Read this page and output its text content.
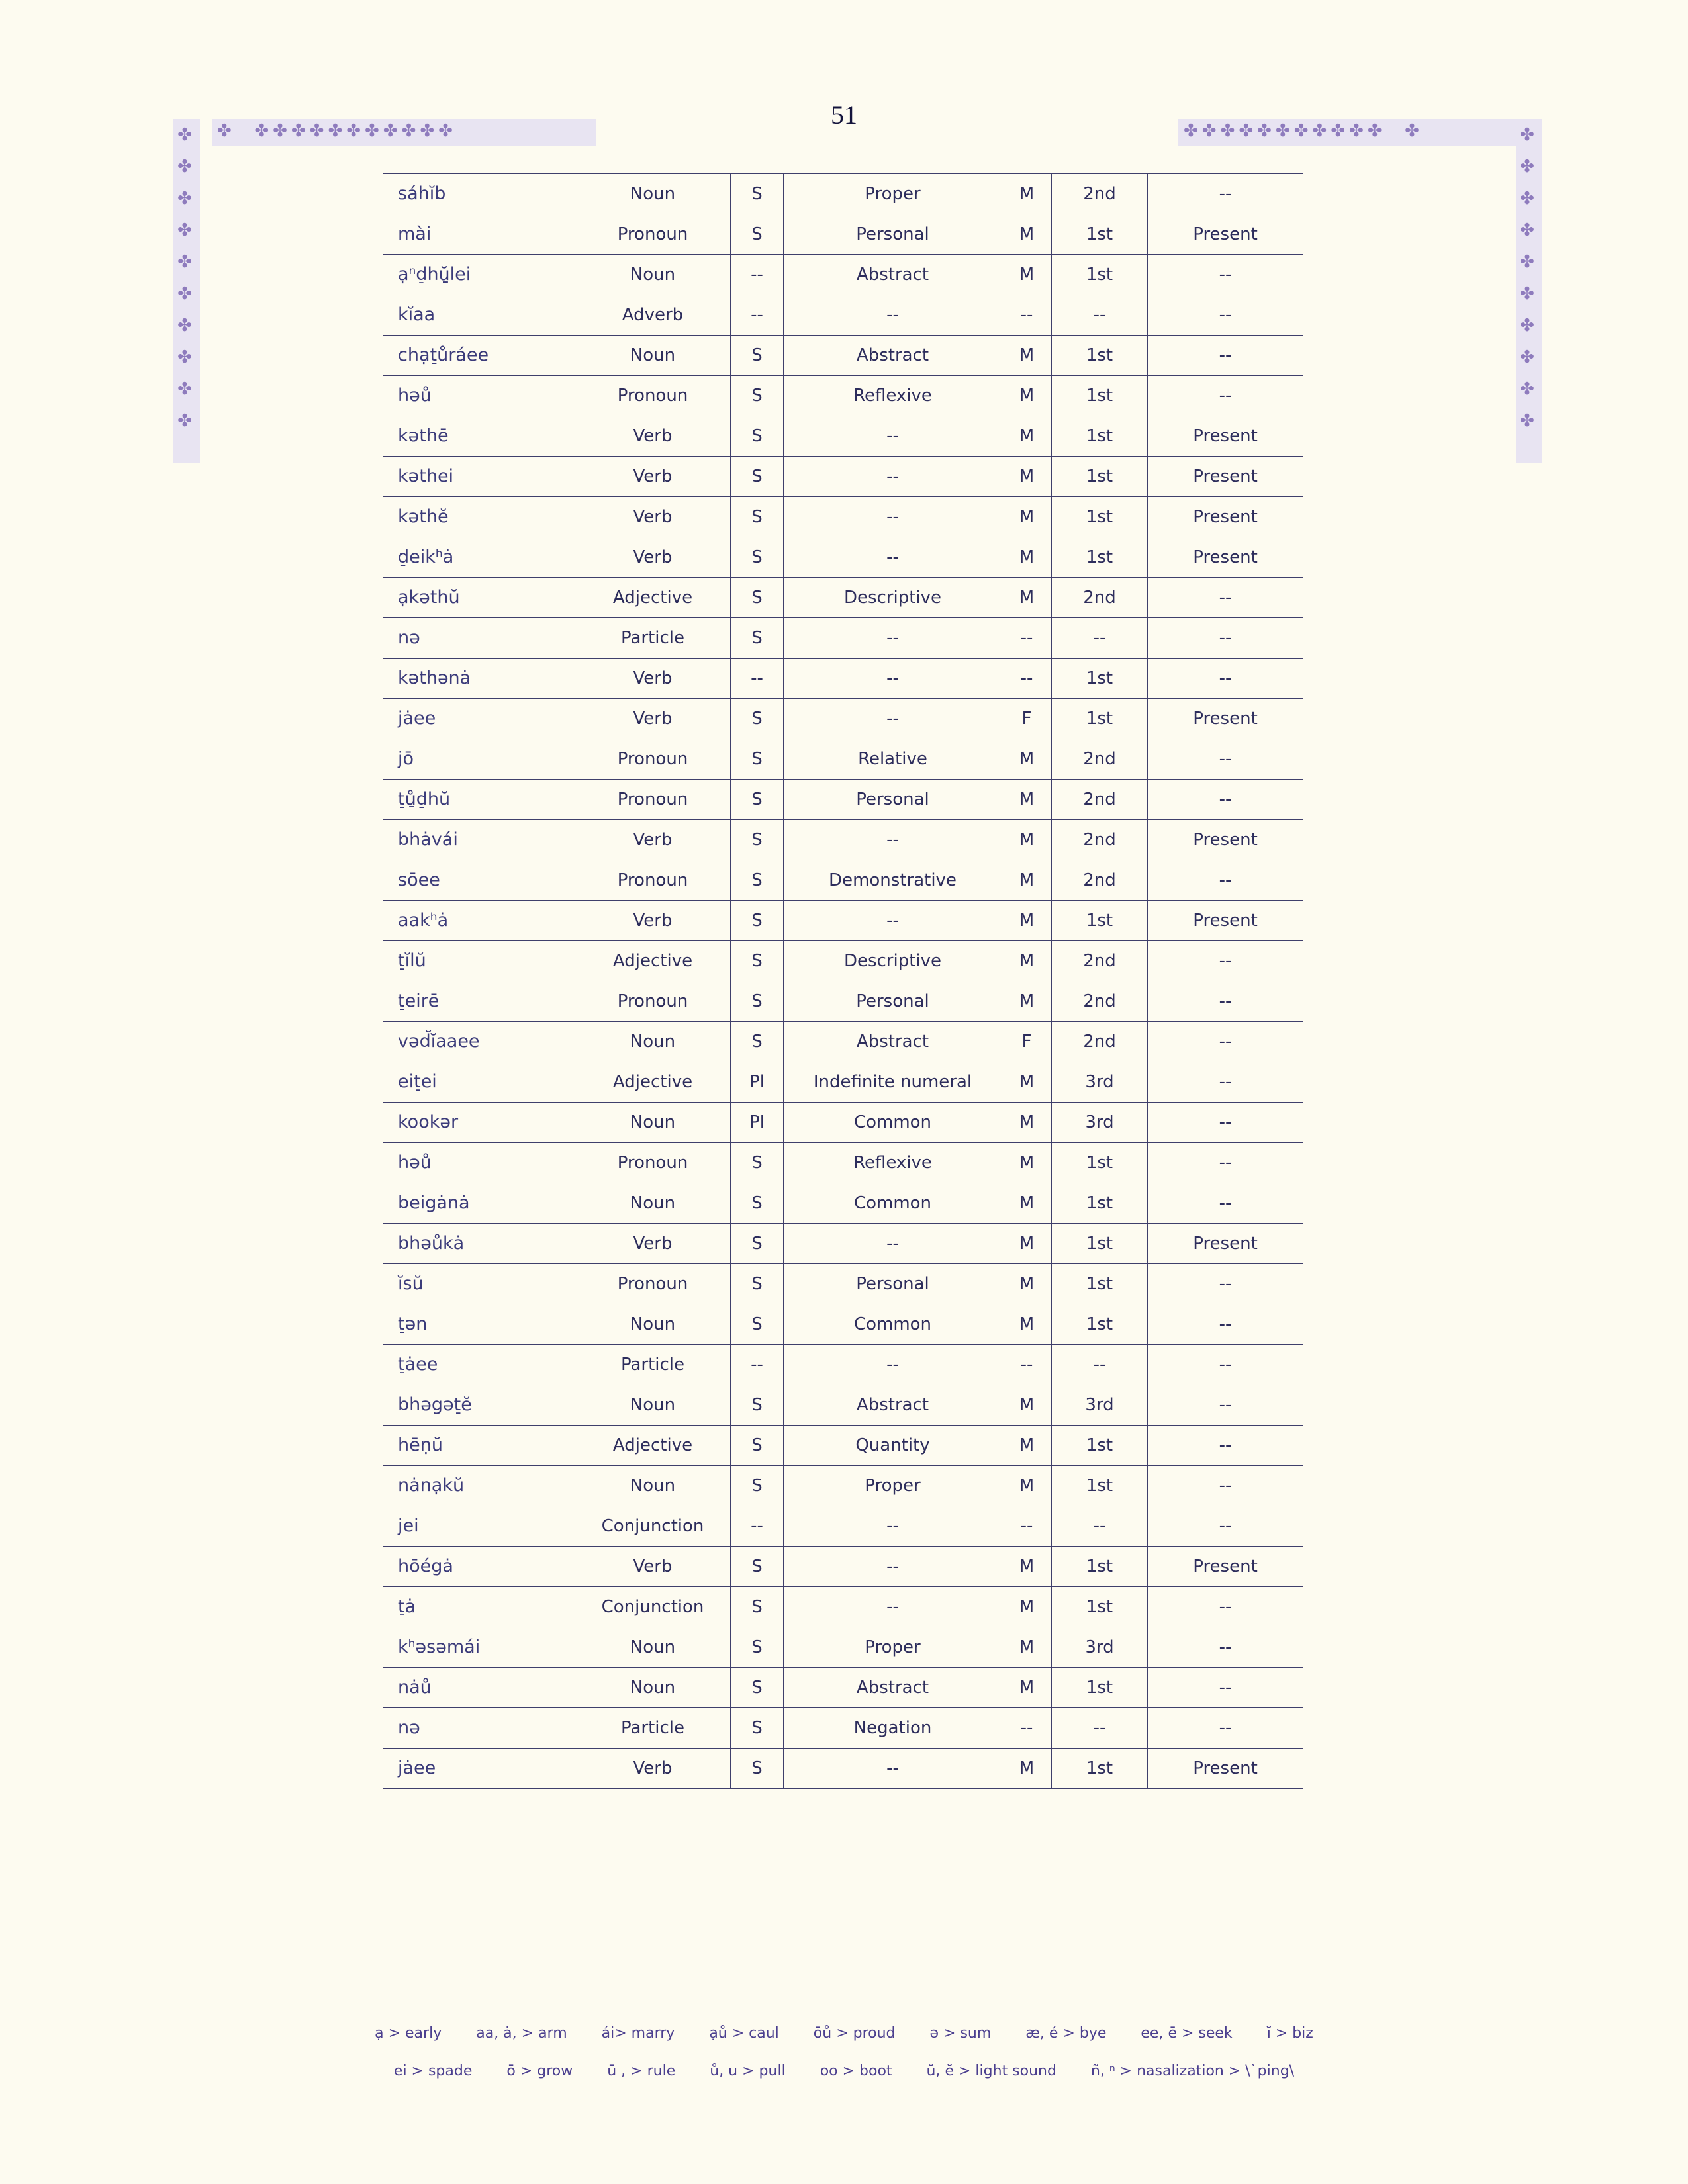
51
✤  ✤✤✤✤✤✤✤✤✤✤✤
✤
✤
✤
✤
✤
✤
✤
✤
✤
✤
✤✤✤✤✤✤✤✤✤✤✤  ✤	✤
✤
✤
✤
✤
✤
✤
✤
✤
✤
sáhĭb	Noun	S	Proper	M	2nd	--
mài	Pronoun	S	Personal	M	1st	Present
ạⁿd̠hŭ̱lei	Noun	--	Abstract	M	1st	--
kĭaa	Adverb	--	--	--	--	--
chạt̠ůráee	Noun	S	Abstract	M	1st	--
həů	Pronoun	S	Reflexive	M	1st	--
kəthē	Verb	S	--	M	1st	Present
kəthei	Verb	S	--	M	1st	Present
kəthĕ	Verb	S	--	M	1st	Present
d̠eikʰȧ	Verb	S	--	M	1st	Present
ạkəthŭ	Adjective	S	Descriptive	M	2nd	--
nə	Particle	S	--	--	--	--
kəthənȧ	Verb	--	--	--	1st	--
jȧee	Verb	S	--	F	1st	Present
jō	Pronoun	S	Relative	M	2nd	--
t̠ů̱d̠hŭ	Pronoun	S	Personal	M	2nd	--
bhȧvái	Verb	S	--	M	2nd	Present
sōee	Pronoun	S	Demonstrative	M	2nd	--
aakʰȧ	Verb	S	--	M	1st	Present
t̠ĭlŭ	Adjective	S	Descriptive	M	2nd	--
t̠eirē	Pronoun	S	Personal	M	2nd	--
vəd̆ĭaaee	Noun	S	Abstract	F	2nd	--
eit̠ei	Adjective	Pl	Indefinite numeral	M	3rd	--
kookər	Noun	Pl	Common	M	3rd	--
həů	Pronoun	S	Reflexive	M	1st	--
beigȧnȧ	Noun	S	Common	M	1st	--
bhəůkȧ	Verb	S	--	M	1st	Present
ĭsŭ	Pronoun	S	Personal	M	1st	--
t̠ən	Noun	S	Common	M	1st	--
t̠ȧee	Particle	--	--	--	--	--
bhəgət̠ĕ	Noun	S	Abstract	M	3rd	--
hēṇŭ	Adjective	S	Quantity	M	1st	--
nȧnạkŭ	Noun	S	Proper	M	1st	--
jei	Conjunction	--	--	--	--	--
hōégȧ	Verb	S	--	M	1st	Present
t̠ȧ	Conjunction	S	--	M	1st	--
kʰəsəmái	Noun	S	Proper	M	3rd	--
nȧů	Noun	S	Abstract	M	1st	--
nə	Particle	S	Negation	--	--	--
jȧee	Verb	S	--	M	1st	Present
ạ > early	aa, ȧ, > arm	ái> marry	ạů > caul	ōů > proud	ə > sum	æ, é > bye	ee, ē > seek	ĭ > biz
ei > spade	ō > grow	ū , > rule	ů, u > pull	oo > boot	ŭ, ĕ > light sound	ñ, ⁿ > nasalization > \`ping\
